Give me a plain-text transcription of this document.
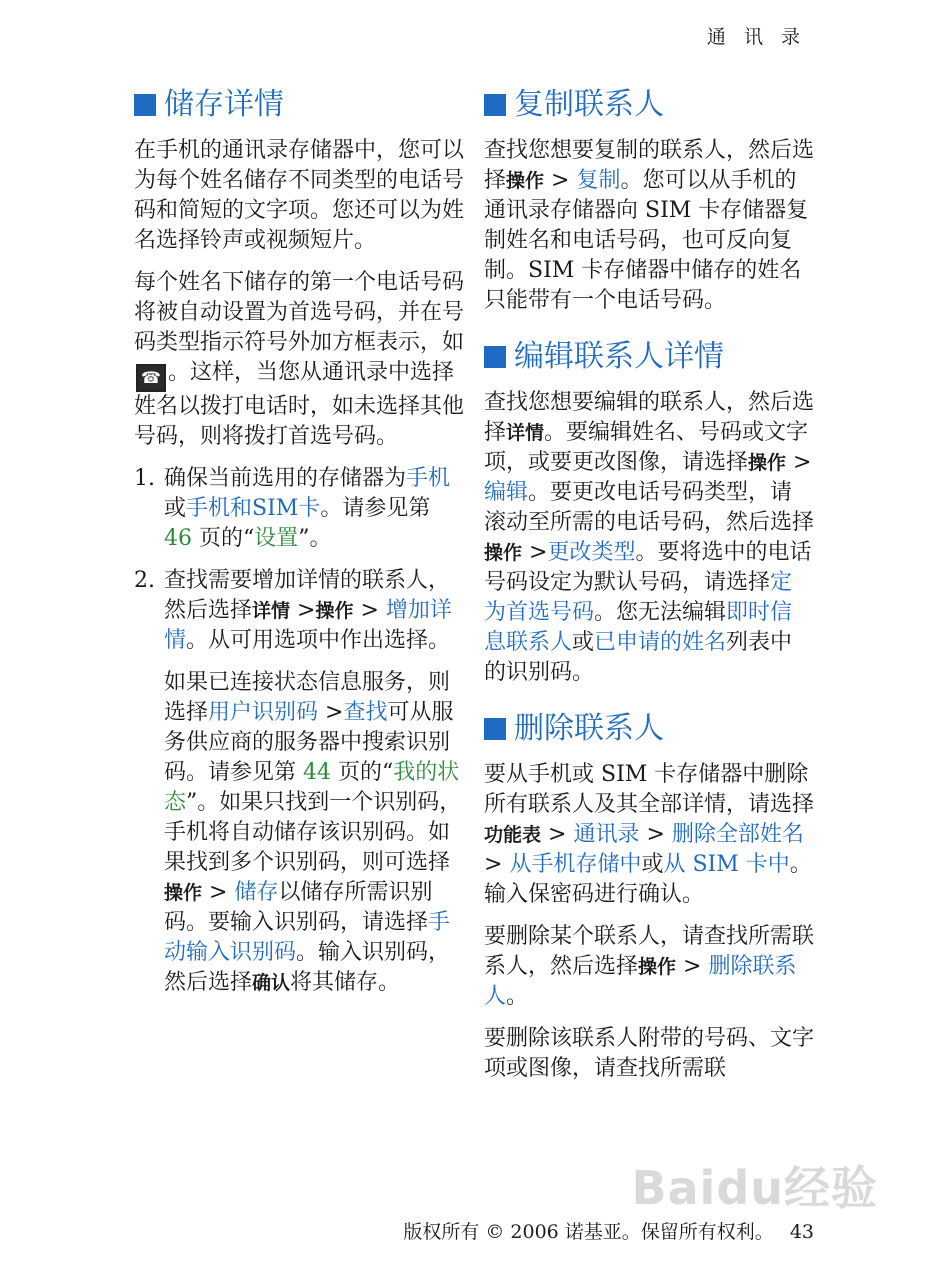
通 讯 录
储存详情

在手机的通讯录存储器中，您可以为每个姓名储存不同类型的电话号码和简短的文字项。您还可以为姓名选择铃声或视频短片。

每个姓名下储存的第一个电话号码将被自动设置为首选号码，并在号码类型指示符号外加方框表示，如☎ 。这样，当您从通讯录中选择姓名以拨打电话时，如未选择其他号码，则将拨打首选号码。

1. 确保当前选用的存储器为手机或手机和SIM卡。请参见第 46 页的“设置”。
2. 查找需要增加详情的联系人，然后选择详情 >操作 > 增加详情。从可用选项中作出选择。

如果已连接状态信息服务，则选择用户识别码 >查找可从服务供应商的服务器中搜索识别码。请参见第 44 页的“我的状态”。如果只找到一个识别码，手机将自动储存该识别码。如果找到多个识别码，则可选择操作 > 储存以储存所需识别码。要输入识别码，请选择手动输入识别码。输入识别码，然后选择确认将其储存。

复制联系人

查找您想要复制的联系人，然后选择操作 > 复制。您可以从手机的通讯录存储器向 SIM 卡存储器复制姓名和电话号码，也可反向复制。SIM 卡存储器中储存的姓名只能带有一个电话号码。

编辑联系人详情

查找您想要编辑的联系人，然后选择详情。要编辑姓名、号码或文字项，或要更改图像，请选择操作 > 编辑。要更改电话号码类型，请滚动至所需的电话号码，然后选择操作 >更改类型。要将选中的电话号码设定为默认号码，请选择定为首选号码。您无法编辑即时信息联系人或已申请的姓名列表中的识别码。

删除联系人

要从手机或 SIM 卡存储器中删除所有联系人及其全部详情，请选择功能表 > 通讯录 > 删除全部姓名 > 从手机存储中或从 SIM 卡中。输入保密码进行确认。

要删除某个联系人，请查找所需联系人，然后选择操作 > 删除联系人。

要删除该联系人附带的号码、文字项或图像，请查找所需联

Baidu经验
版权所有 © 2006 诺基亚。保留所有权利。 43
